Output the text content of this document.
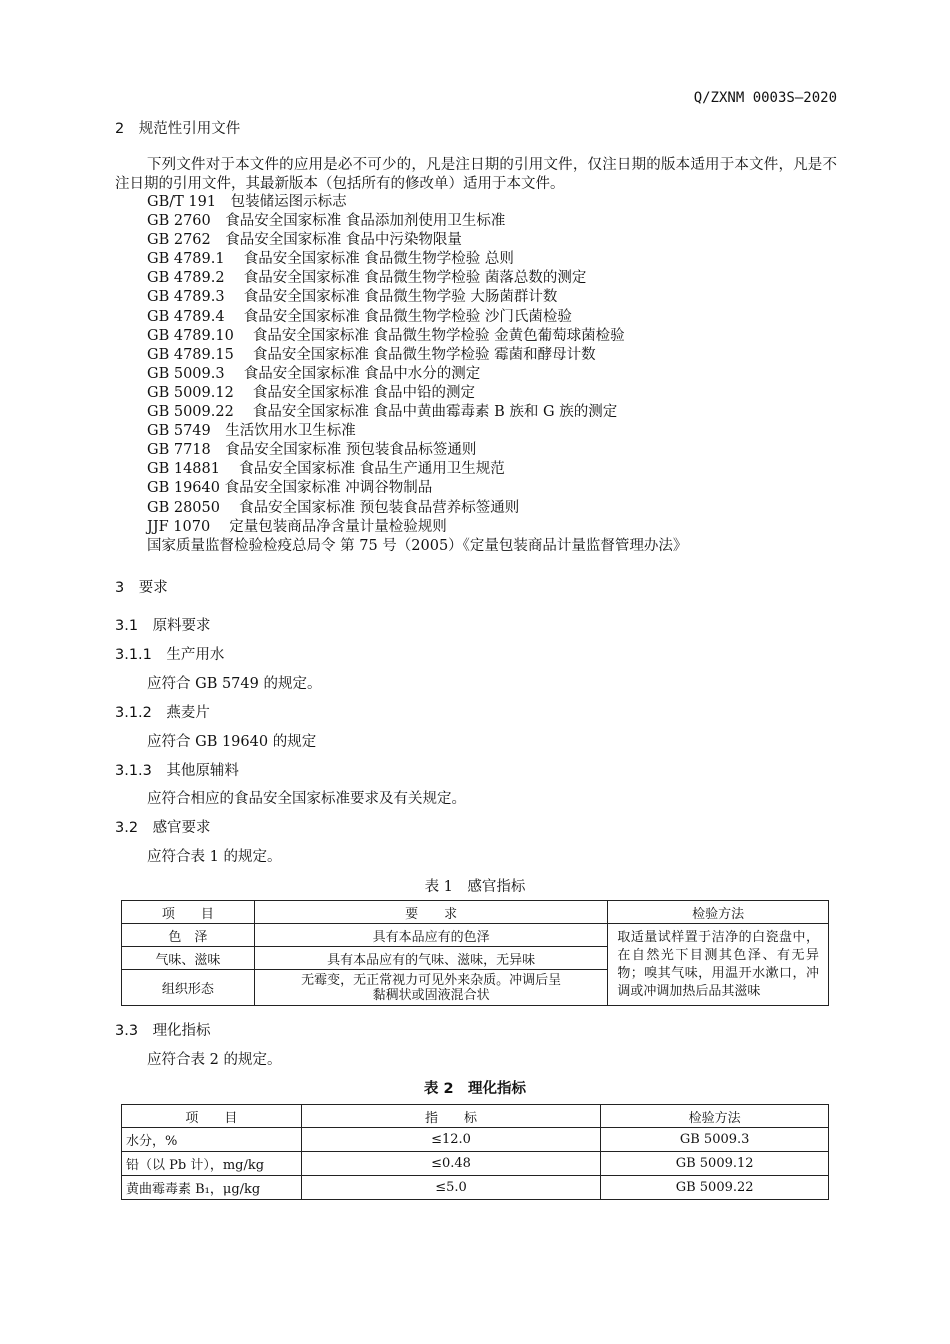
Q/ZXNM 0003S—2020
2　 规范性引用文件
下列文件对于本文件的应用是必不可少的，凡是注日期的引用文件，仅注日期的版本适用于本文件，凡是不注日期的引用文件，其最新版本（包括所有的修改单）适用于本文件。
GB/T 191　包装储运图示标志
GB 2760　食品安全国家标准 食品添加剂使用卫生标准
GB 2762　食品安全国家标准 食品中污染物限量
GB 4789.1　 食品安全国家标准 食品微生物学检验 总则
GB 4789.2　 食品安全国家标准 食品微生物学检验 菌落总数的测定
GB 4789.3　 食品安全国家标准 食品微生物学验 大肠菌群计数
GB 4789.4　 食品安全国家标准 食品微生物学检验 沙门氏菌检验
GB 4789.10　 食品安全国家标准 食品微生物学检验 金黄色葡萄球菌检验
GB 4789.15　 食品安全国家标准 食品微生物学检验 霉菌和酵母计数
GB 5009.3　 食品安全国家标准 食品中水分的测定
GB 5009.12　 食品安全国家标准 食品中铅的测定
GB 5009.22　 食品安全国家标准 食品中黄曲霉毒素 B 族和 G 族的测定
GB 5749　生活饮用水卫生标准
GB 7718　食品安全国家标准 预包装食品标签通则
GB 14881　 食品安全国家标准 食品生产通用卫生规范
GB 19640 食品安全国家标准 冲调谷物制品
GB 28050　 食品安全国家标准 预包装食品营养标签通则
JJF 1070　 定量包装商品净含量计量检验规则
国家质量监督检验检疫总局令 第 75 号（2005）《定量包装商品计量监督管理办法》
3　 要求
3.1　 原料要求
3.1.1　 生产用水
应符合 GB 5749 的规定。
3.1.2　 燕麦片
应符合 GB 19640 的规定
3.1.3　 其他原辅料
应符合相应的食品安全国家标准要求及有关规定。
3.2　 感官要求
应符合表 1 的规定。
表 1　感官指标
项　　目	要　　求	检验方法
色　泽	具有本品应有的色泽	取适量试样置于洁净的白瓷盘中，在自然光下目测其色泽、有无异物；嗅其气味，用温开水漱口，冲调或冲调加热后品其滋味
气味、滋味	具有本品应有的气味、滋味，无异味	
组织形态	无霉变，无正常视力可见外来杂质。冲调后呈黏稠状或固液混合状	
3.3　 理化指标
应符合表 2 的规定。
表 2　理化指标
项　　目	指　　标	检验方法
水分，%	≤12.0	GB 5009.3
铅（以 Pb 计），mg/kg	≤0.48	GB 5009.12
黄曲霉毒素 B₁，μg/kg	≤5.0	GB 5009.22
